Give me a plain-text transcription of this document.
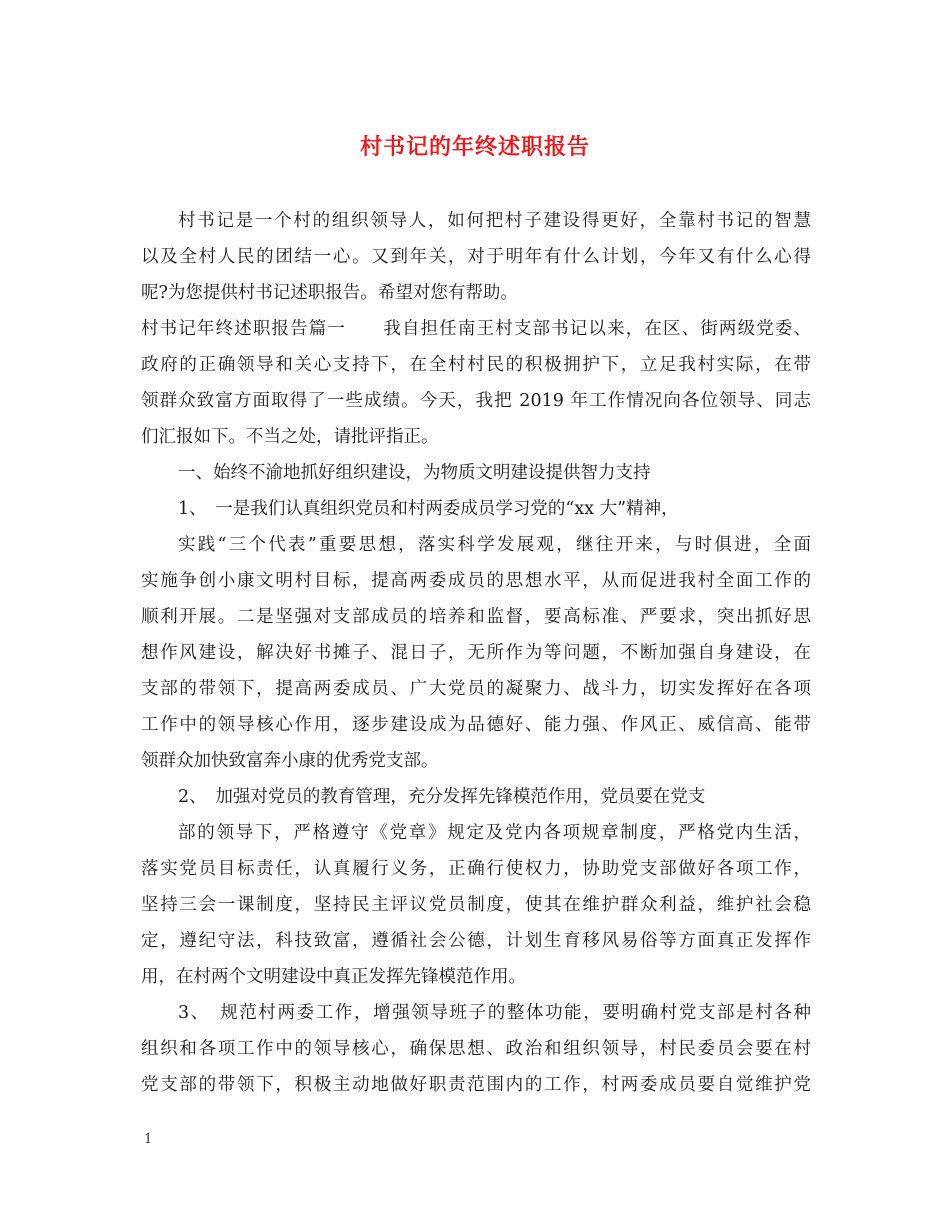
村书记的年终述职报告
村书记是一个村的组织领导人，如何把村子建设得更好，全靠村书记的智慧
以及全村人民的团结一心。又到年关，对于明年有什么计划，今年又有什么心得
呢?为您提供村书记述职报告。希望对您有帮助。
村书记年终述职报告篇一　　我自担任南王村支部书记以来，在区、街两级党委、
政府的正确领导和关心支持下，在全村村民的积极拥护下，立足我村实际，在带
领群众致富方面取得了一些成绩。今天，我把 2019 年工作情况向各位领导、同志
们汇报如下。不当之处，请批评指正。
一、始终不渝地抓好组织建设，为物质文明建设提供智力支持
1、　一是我们认真组织党员和村两委成员学习党的“xx 大”精神，
实践“三个代表”重要思想，落实科学发展观，继往开来，与时俱进，全面
实施争创小康文明村目标，提高两委成员的思想水平，从而促进我村全面工作的
顺利开展。二是坚强对支部成员的培养和监督，要高标准、严要求，突出抓好思
想作风建设，解决好书摊子、混日子，无所作为等问题，不断加强自身建设，在
支部的带领下，提高两委成员、广大党员的凝聚力、战斗力，切实发挥好在各项
工作中的领导核心作用，逐步建设成为品德好、能力强、作风正、威信高、能带
领群众加快致富奔小康的优秀党支部。
2、　加强对党员的教育管理，充分发挥先锋模范作用，党员要在党支
部的领导下，严格遵守《党章》规定及党内各项规章制度，严格党内生活，
落实党员目标责任，认真履行义务，正确行使权力，协助党支部做好各项工作，
坚持三会一课制度，坚持民主评议党员制度，使其在维护群众利益，维护社会稳
定，遵纪守法，科技致富，遵循社会公德，计划生育移风易俗等方面真正发挥作
用，在村两个文明建设中真正发挥先锋模范作用。
3、　规范村两委工作，增强领导班子的整体功能，要明确村党支部是村各种
组织和各项工作中的领导核心，确保思想、政治和组织领导，村民委员会要在村
党支部的带领下，积极主动地做好职责范围内的工作，村两委成员要自觉维护党
1
